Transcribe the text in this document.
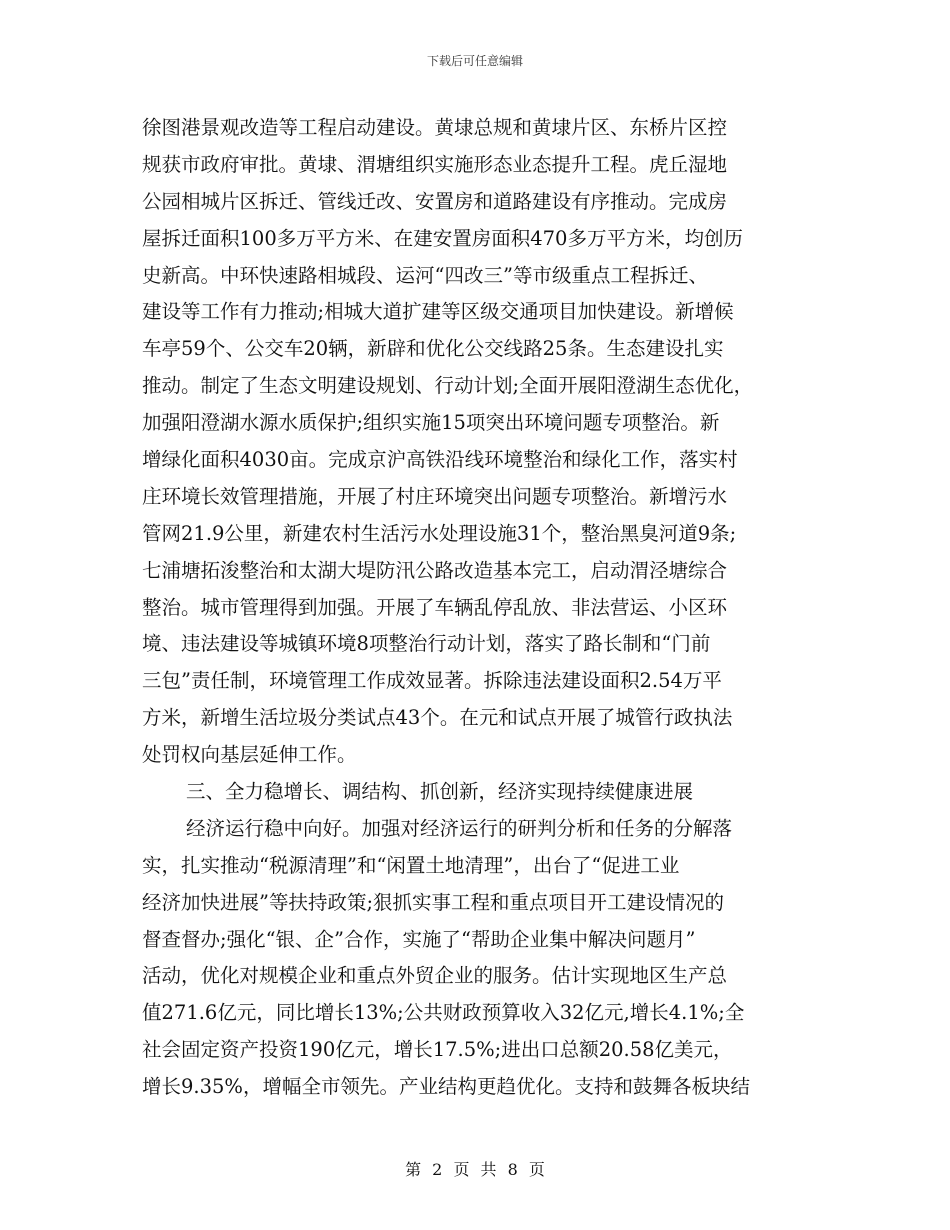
下载后可任意编辑
徐图港景观改造等工程启动建设。黄埭总规和黄埭片区、东桥片区控
规获市政府审批。黄埭、渭塘组织实施形态业态提升工程。虎丘湿地
公园相城片区拆迁、管线迁改、安置房和道路建设有序推动。完成房
屋拆迁面积100多万平方米、在建安置房面积470多万平方米，均创历
史新高。中环快速路相城段、运河“四改三”等市级重点工程拆迁、
建设等工作有力推动;相城大道扩建等区级交通项目加快建设。新增候
车亭59个、公交车20辆，新辟和优化公交线路25条。生态建设扎实
推动。制定了生态文明建设规划、行动计划;全面开展阳澄湖生态优化，
加强阳澄湖水源水质保护;组织实施15项突出环境问题专项整治。新
增绿化面积4030亩。完成京沪高铁沿线环境整治和绿化工作，落实村
庄环境长效管理措施，开展了村庄环境突出问题专项整治。新增污水
管网21.9公里，新建农村生活污水处理设施31个，整治黑臭河道9条;
七浦塘拓浚整治和太湖大堤防汛公路改造基本完工，启动渭泾塘综合
整治。城市管理得到加强。开展了车辆乱停乱放、非法营运、小区环
境、违法建设等城镇环境8项整治行动计划，落实了路长制和“门前
三包”责任制，环境管理工作成效显著。拆除违法建设面积2.54万平
方米，新增生活垃圾分类试点43个。在元和试点开展了城管行政执法
处罚权向基层延伸工作。
三、全力稳增长、调结构、抓创新，经济实现持续健康进展
经济运行稳中向好。加强对经济运行的研判分析和任务的分解落
实，扎实推动“税源清理”和“闲置土地清理”，出台了“促进工业
经济加快进展”等扶持政策;狠抓实事工程和重点项目开工建设情况的
督查督办;强化“银、企”合作，实施了“帮助企业集中解决问题月”
活动，优化对规模企业和重点外贸企业的服务。估计实现地区生产总
值271.6亿元，同比增长13%;公共财政预算收入32亿元,增长4.1%;全
社会固定资产投资190亿元，增长17.5%;进出口总额20.58亿美元，
增长9.35%，增幅全市领先。产业结构更趋优化。支持和鼓舞各板块结
第 2 页 共 8 页
